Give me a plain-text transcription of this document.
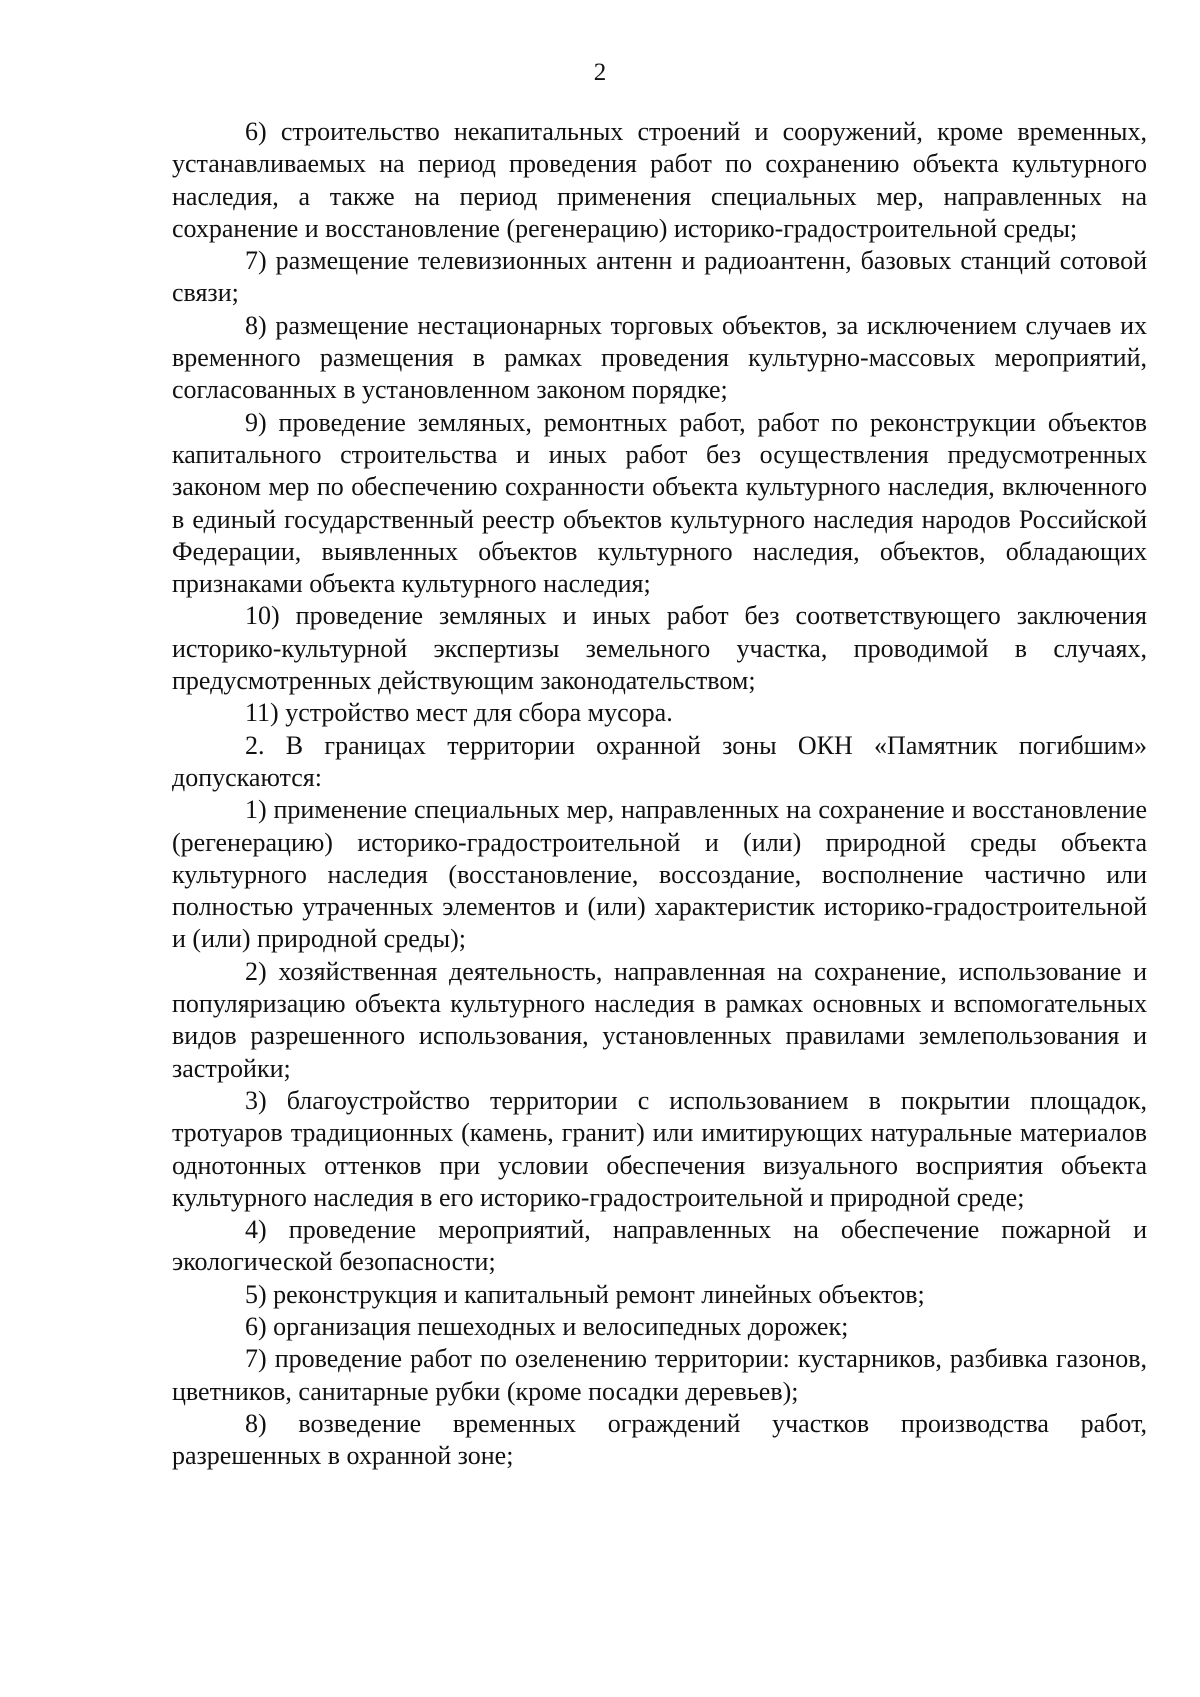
2

6) строительство некапитальных строений и сооружений, кроме временных, устанавливаемых на период проведения работ по сохранению объекта культурного наследия, а также на период применения специальных мер, направленных на сохранение и восстановление (регенерацию) историко-градостроительной среды;

7) размещение телевизионных антенн и радиоантенн, базовых станций сотовой связи;

8) размещение нестационарных торговых объектов, за исключением случаев их временного размещения в рамках проведения культурно-массовых мероприятий, согласованных в установленном законом порядке;

9) проведение земляных, ремонтных работ, работ по реконструкции объектов капитального строительства и иных работ без осуществления предусмотренных законом мер по обеспечению сохранности объекта культурного наследия, включенного в единый государственный реестр объектов культурного наследия народов Российской Федерации, выявленных объектов культурного наследия, объектов, обладающих признаками объекта культурного наследия;

10) проведение земляных и иных работ без соответствующего заключения историко-культурной экспертизы земельного участка, проводимой в случаях, предусмотренных действующим законодательством;

11) устройство мест для сбора мусора.

2. В границах территории охранной зоны ОКН «Памятник погибшим» допускаются:

1) применение специальных мер, направленных на сохранение и восстановление (регенерацию) историко-градостроительной и (или) природной среды объекта культурного наследия (восстановление, воссоздание, восполнение частично или полностью утраченных элементов и (или) характеристик историко-градостроительной и (или) природной среды);

2) хозяйственная деятельность, направленная на сохранение, использование и популяризацию объекта культурного наследия в рамках основных и вспомогательных видов разрешенного использования, установленных правилами землепользования и застройки;

3) благоустройство территории с использованием в покрытии площадок, тротуаров традиционных (камень, гранит) или имитирующих натуральные материалов однотонных оттенков при условии обеспечения визуального восприятия объекта культурного наследия в его историко-градостроительной и природной среде;

4) проведение мероприятий, направленных на обеспечение пожарной и экологической безопасности;

5) реконструкция и капитальный ремонт линейных объектов;

6) организация пешеходных и велосипедных дорожек;

7) проведение работ по озеленению территории: кустарников, разбивка газонов, цветников, санитарные рубки (кроме посадки деревьев);

8) возведение временных ограждений участков производства работ, разрешенных в охранной зоне;
